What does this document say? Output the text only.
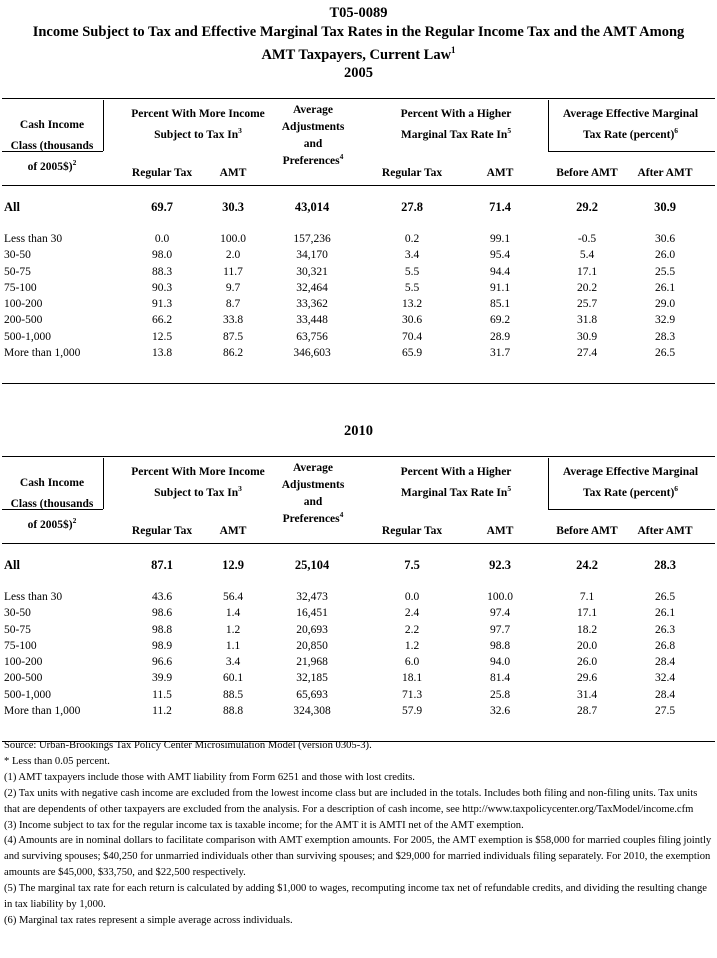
T05-0089
Income Subject to Tax and Effective Marginal Tax Rates in the Regular Income Tax and the AMT Among
AMT Taxpayers, Current Law$^1$
2005
Cash Income
Class (thousands
of 2005$)$^2$
Percent With More Income
Subject to Tax In$^3$
Average
Adjustments
and
Preferences$^4$
Percent With a Higher
Marginal Tax Rate In$^5$
Average Effective Marginal
Tax Rate (percent)$^6$
Regular Tax	AMT	Regular Tax	AMT	Before AMT	After AMT
All	69.7	30.3	43,014	27.8	71.4	29.2	30.9
Less than 30	0.0	100.0	157,236	0.2	99.1	-0.5	30.6
30-50	98.0	2.0	34,170	3.4	95.4	5.4	26.0
50-75	88.3	11.7	30,321	5.5	94.4	17.1	25.5
75-100	90.3	9.7	32,464	5.5	91.1	20.2	26.1
100-200	91.3	8.7	33,362	13.2	85.1	25.7	29.0
200-500	66.2	33.8	33,448	30.6	69.2	31.8	32.9
500-1,000	12.5	87.5	63,756	70.4	28.9	30.9	28.3
More than 1,000	13.8	86.2	346,603	65.9	31.7	27.4	26.5
2010
Cash Income
Class (thousands
of 2005$)$^2$
Percent With More Income
Subject to Tax In$^3$
Average
Adjustments
and
Preferences$^4$
Percent With a Higher
Marginal Tax Rate In$^5$
Average Effective Marginal
Tax Rate (percent)$^6$
Regular Tax	AMT	Regular Tax	AMT	Before AMT	After AMT
All	87.1	12.9	25,104	7.5	92.3	24.2	28.3
Less than 30	43.6	56.4	32,473	0.0	100.0	7.1	26.5
30-50	98.6	1.4	16,451	2.4	97.4	17.1	26.1
50-75	98.8	1.2	20,693	2.2	97.7	18.2	26.3
75-100	98.9	1.1	20,850	1.2	98.8	20.0	26.8
100-200	96.6	3.4	21,968	6.0	94.0	26.0	28.4
200-500	39.9	60.1	32,185	18.1	81.4	29.6	32.4
500-1,000	11.5	88.5	65,693	71.3	25.8	31.4	28.4
More than 1,000	11.2	88.8	324,308	57.9	32.6	28.7	27.5
Source: Urban-Brookings Tax Policy Center Microsimulation Model (version 0305-3).
* Less than 0.05 percent.
(1) AMT taxpayers include those with AMT liability from Form 6251 and those with lost credits.
(2) Tax units with negative cash income are excluded from the lowest income class but are included in the totals. Includes both filing and non-filing units. Tax units that are dependents of other taxpayers are excluded from the analysis. For a description of cash income, see http://www.taxpolicycenter.org/TaxModel/income.cfm
(3) Income subject to tax for the regular income tax is taxable income; for the AMT it is AMTI net of the AMT exemption.
(4) Amounts are in nominal dollars to facilitate comparison with AMT exemption amounts. For 2005, the AMT exemption is $58,000 for married couples filing jointly and surviving spouses; $40,250 for unmarried individuals other than surviving spouses; and $29,000 for married individuals filing separately. For 2010, the exemption amounts are $45,000, $33,750, and $22,500 respectively.
(5) The marginal tax rate for each return is calculated by adding $1,000 to wages, recomputing income tax net of refundable credits, and dividing the resulting change in tax liability by 1,000.
(6) Marginal tax rates represent a simple average across individuals.
